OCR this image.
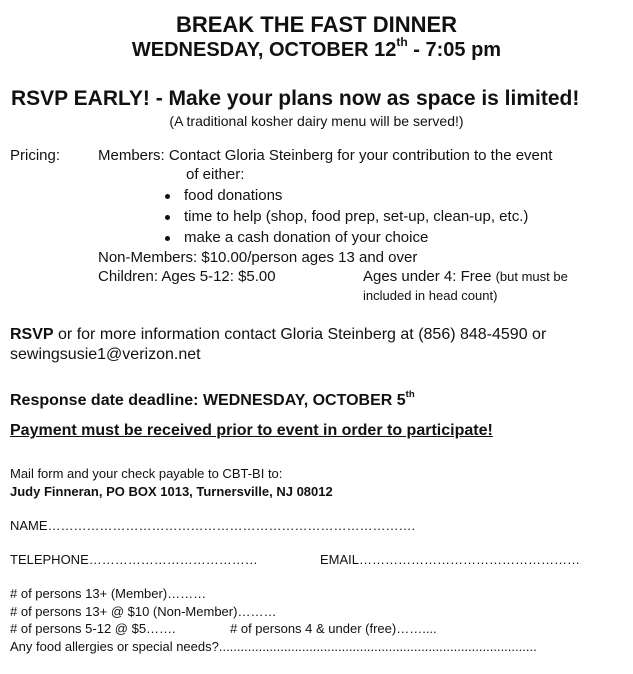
BREAK THE FAST DINNER
WEDNESDAY, OCTOBER 12th - 7:05 pm
RSVP EARLY! - Make your plans now as space is limited!
(A traditional kosher dairy menu will be served!)
Pricing:	Members: Contact Gloria Steinberg for your contribution to the event
of either:
food donations
time to help (shop, food prep, set-up, clean-up, etc.)
make a cash donation of your choice
Non-Members: $10.00/person ages 13 and over
Children: Ages 5-12: $5.00	Ages under 4: Free (but must be
included in head count)
RSVP or for more information contact Gloria Steinberg at (856) 848-4590 or
sewingsusie1@verizon.net
Response date deadline: WEDNESDAY, OCTOBER 5th
Payment must be received prior to event in order to participate!
Mail form and your check payable to CBT-BI to:
Judy Finneran, PO BOX 1013, Turnersville, NJ 08012
NAME………………………………………………………………………….
TELEPHONE…………………………………	EMAIL……………………………………………
# of persons 13+ (Member)………
# of persons 13+ @ $10 (Non-Member)………
# of persons 5-12 @ $5…….	# of persons 4 & under (free)……....
Any food allergies or special needs?........................................................................................
